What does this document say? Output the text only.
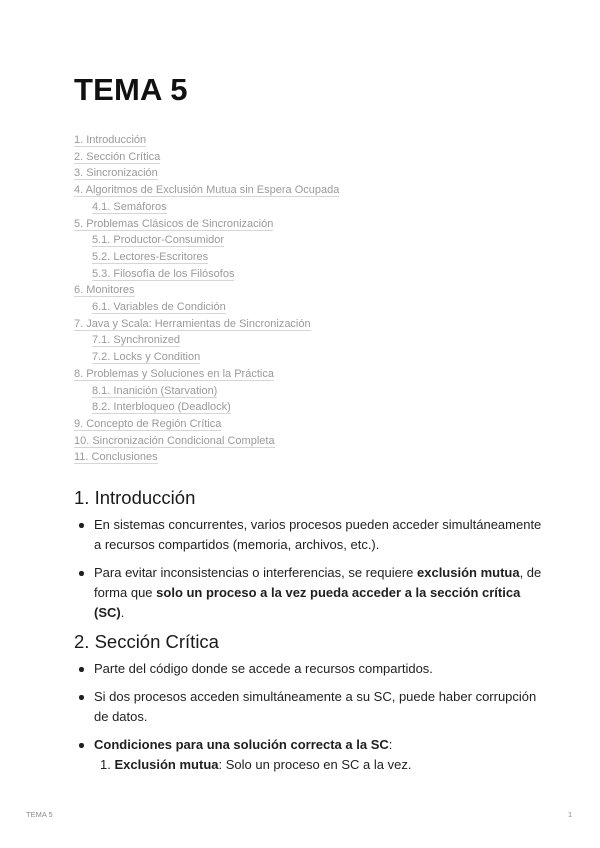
TEMA 5
1. Introducción
2. Sección Crítica
3. Sincronización
4. Algoritmos de Exclusión Mutua sin Espera Ocupada
4.1. Semáforos
5. Problemas Clásicos de Sincronización
5.1. Productor-Consumidor
5.2. Lectores-Escritores
5.3. Filosofía de los Filósofos
6. Monitores
6.1. Variables de Condición
7. Java y Scala: Herramientas de Sincronización
7.1. Synchronized
7.2. Locks y Condition
8. Problemas y Soluciones en la Práctica
8.1. Inanición (Starvation)
8.2. Interbloqueo (Deadlock)
9. Concepto de Región Crítica
10. Sincronización Condicional Completa
11. Conclusiones
1. Introducción
En sistemas concurrentes, varios procesos pueden acceder simultáneamente a recursos compartidos (memoria, archivos, etc.).
Para evitar inconsistencias o interferencias, se requiere exclusión mutua, de forma que solo un proceso a la vez pueda acceder a la sección crítica (SC).
2. Sección Crítica
Parte del código donde se accede a recursos compartidos.
Si dos procesos acceden simultáneamente a su SC, puede haber corrupción de datos.
Condiciones para una solución correcta a la SC:
1. Exclusión mutua: Solo un proceso en SC a la vez.
TEMA 5	1
